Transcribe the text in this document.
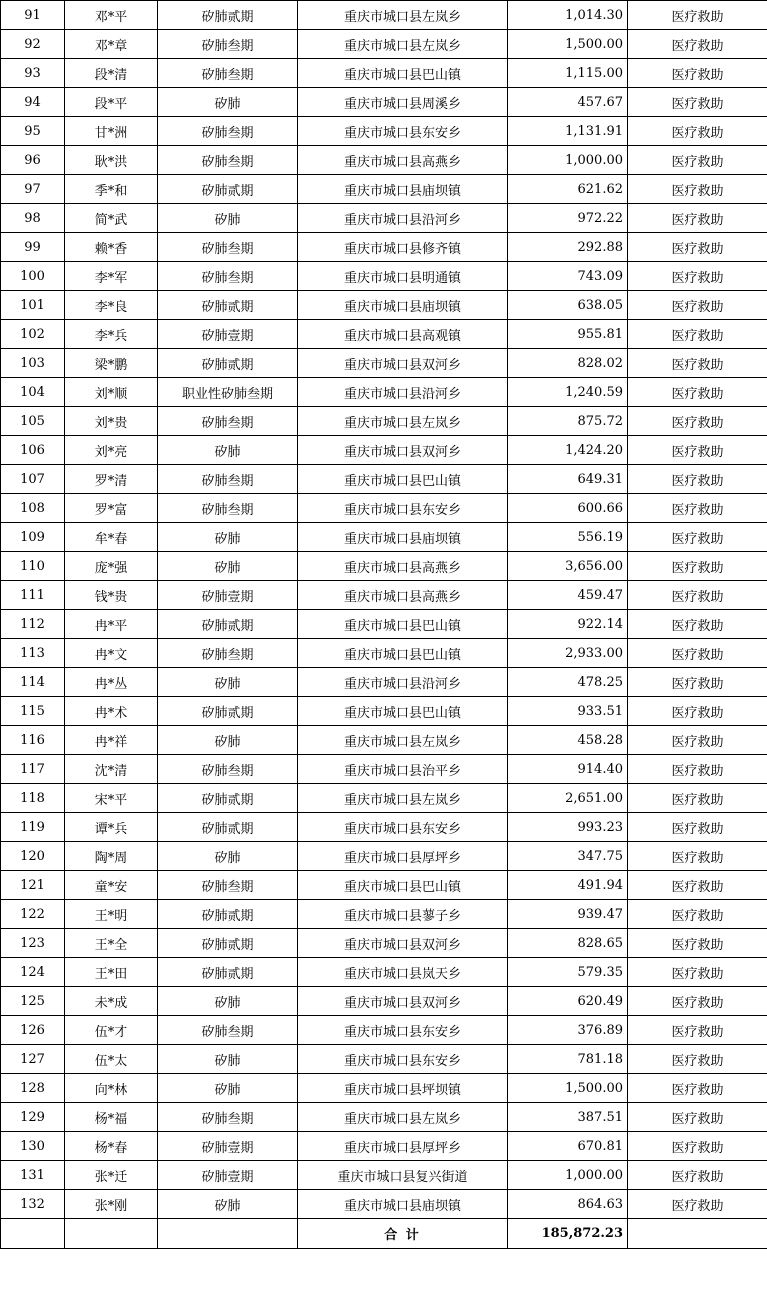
91	邓*平	矽肺贰期	重庆市城口县左岚乡	1,014.30	医疗救助
92	邓*章	矽肺叁期	重庆市城口县左岚乡	1,500.00	医疗救助
93	段*清	矽肺叁期	重庆市城口县巴山镇	1,115.00	医疗救助
94	段*平	矽肺	重庆市城口县周溪乡	457.67	医疗救助
95	甘*洲	矽肺叁期	重庆市城口县东安乡	1,131.91	医疗救助
96	耿*洪	矽肺叁期	重庆市城口县高燕乡	1,000.00	医疗救助
97	季*和	矽肺贰期	重庆市城口县庙坝镇	621.62	医疗救助
98	简*武	矽肺	重庆市城口县沿河乡	972.22	医疗救助
99	赖*香	矽肺叁期	重庆市城口县修齐镇	292.88	医疗救助
100	李*军	矽肺叁期	重庆市城口县明通镇	743.09	医疗救助
101	李*良	矽肺贰期	重庆市城口县庙坝镇	638.05	医疗救助
102	李*兵	矽肺壹期	重庆市城口县高观镇	955.81	医疗救助
103	梁*鹏	矽肺贰期	重庆市城口县双河乡	828.02	医疗救助
104	刘*顺	职业性矽肺叁期	重庆市城口县沿河乡	1,240.59	医疗救助
105	刘*贵	矽肺叁期	重庆市城口县左岚乡	875.72	医疗救助
106	刘*亮	矽肺	重庆市城口县双河乡	1,424.20	医疗救助
107	罗*清	矽肺叁期	重庆市城口县巴山镇	649.31	医疗救助
108	罗*富	矽肺叁期	重庆市城口县东安乡	600.66	医疗救助
109	牟*春	矽肺	重庆市城口县庙坝镇	556.19	医疗救助
110	庞*强	矽肺	重庆市城口县高燕乡	3,656.00	医疗救助
111	钱*贵	矽肺壹期	重庆市城口县高燕乡	459.47	医疗救助
112	冉*平	矽肺贰期	重庆市城口县巴山镇	922.14	医疗救助
113	冉*文	矽肺叁期	重庆市城口县巴山镇	2,933.00	医疗救助
114	冉*丛	矽肺	重庆市城口县沿河乡	478.25	医疗救助
115	冉*术	矽肺贰期	重庆市城口县巴山镇	933.51	医疗救助
116	冉*祥	矽肺	重庆市城口县左岚乡	458.28	医疗救助
117	沈*清	矽肺叁期	重庆市城口县治平乡	914.40	医疗救助
118	宋*平	矽肺贰期	重庆市城口县左岚乡	2,651.00	医疗救助
119	谭*兵	矽肺贰期	重庆市城口县东安乡	993.23	医疗救助
120	陶*周	矽肺	重庆市城口县厚坪乡	347.75	医疗救助
121	童*安	矽肺叁期	重庆市城口县巴山镇	491.94	医疗救助
122	王*明	矽肺贰期	重庆市城口县蓼子乡	939.47	医疗救助
123	王*全	矽肺贰期	重庆市城口县双河乡	828.65	医疗救助
124	王*田	矽肺贰期	重庆市城口县岚天乡	579.35	医疗救助
125	未*成	矽肺	重庆市城口县双河乡	620.49	医疗救助
126	伍*才	矽肺叁期	重庆市城口县东安乡	376.89	医疗救助
127	伍*太	矽肺	重庆市城口县东安乡	781.18	医疗救助
128	向*林	矽肺	重庆市城口县坪坝镇	1,500.00	医疗救助
129	杨*福	矽肺叁期	重庆市城口县左岚乡	387.51	医疗救助
130	杨*春	矽肺壹期	重庆市城口县厚坪乡	670.81	医疗救助
131	张*迁	矽肺壹期	重庆市城口县复兴街道	1,000.00	医疗救助
132	张*刚	矽肺	重庆市城口县庙坝镇	864.63	医疗救助
			合 计	185,872.23	
